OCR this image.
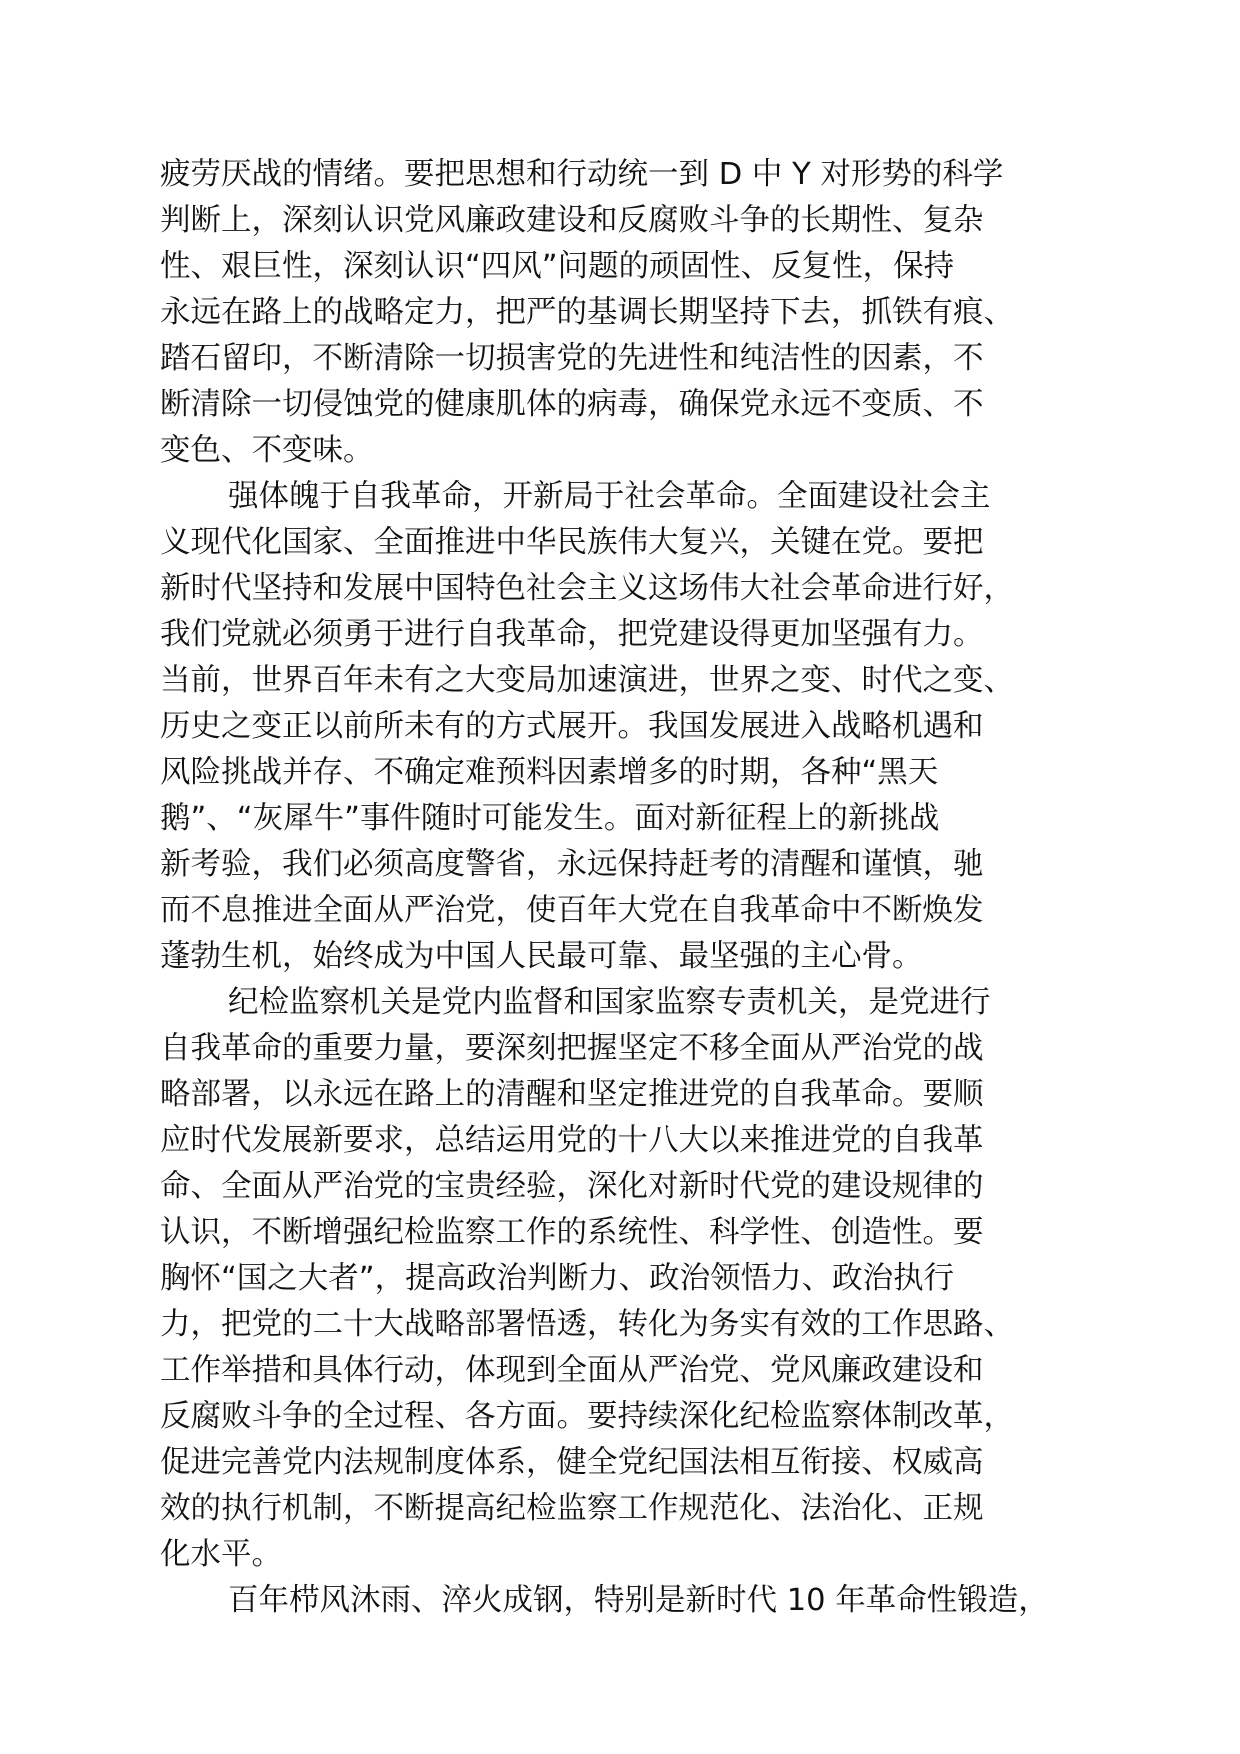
疲劳厌战的情绪。要把思想和行动统一到 D 中 Y 对形势的科学
判断上，深刻认识党风廉政建设和反腐败斗争的长期性、复杂
性、艰巨性，深刻认识“四风”问题的顽固性、反复性，保持
永远在路上的战略定力，把严的基调长期坚持下去，抓铁有痕、
踏石留印，不断清除一切损害党的先进性和纯洁性的因素，不
断清除一切侵蚀党的健康肌体的病毒，确保党永远不变质、不
变色、不变味。
强体魄于自我革命，开新局于社会革命。全面建设社会主
义现代化国家、全面推进中华民族伟大复兴，关键在党。要把
新时代坚持和发展中国特色社会主义这场伟大社会革命进行好，
我们党就必须勇于进行自我革命，把党建设得更加坚强有力。
当前，世界百年未有之大变局加速演进，世界之变、时代之变、
历史之变正以前所未有的方式展开。我国发展进入战略机遇和
风险挑战并存、不确定难预料因素增多的时期，各种“黑天
鹅”、“灰犀牛”事件随时可能发生。面对新征程上的新挑战
新考验，我们必须高度警省，永远保持赶考的清醒和谨慎，驰
而不息推进全面从严治党，使百年大党在自我革命中不断焕发
蓬勃生机，始终成为中国人民最可靠、最坚强的主心骨。
纪检监察机关是党内监督和国家监察专责机关，是党进行
自我革命的重要力量，要深刻把握坚定不移全面从严治党的战
略部署，以永远在路上的清醒和坚定推进党的自我革命。要顺
应时代发展新要求，总结运用党的十八大以来推进党的自我革
命、全面从严治党的宝贵经验，深化对新时代党的建设规律的
认识，不断增强纪检监察工作的系统性、科学性、创造性。要
胸怀“国之大者”，提高政治判断力、政治领悟力、政治执行
力，把党的二十大战略部署悟透，转化为务实有效的工作思路、
工作举措和具体行动，体现到全面从严治党、党风廉政建设和
反腐败斗争的全过程、各方面。要持续深化纪检监察体制改革，
促进完善党内法规制度体系，健全党纪国法相互衔接、权威高
效的执行机制，不断提高纪检监察工作规范化、法治化、正规
化水平。
百年栉风沐雨、淬火成钢，特别是新时代 10 年革命性锻造，
